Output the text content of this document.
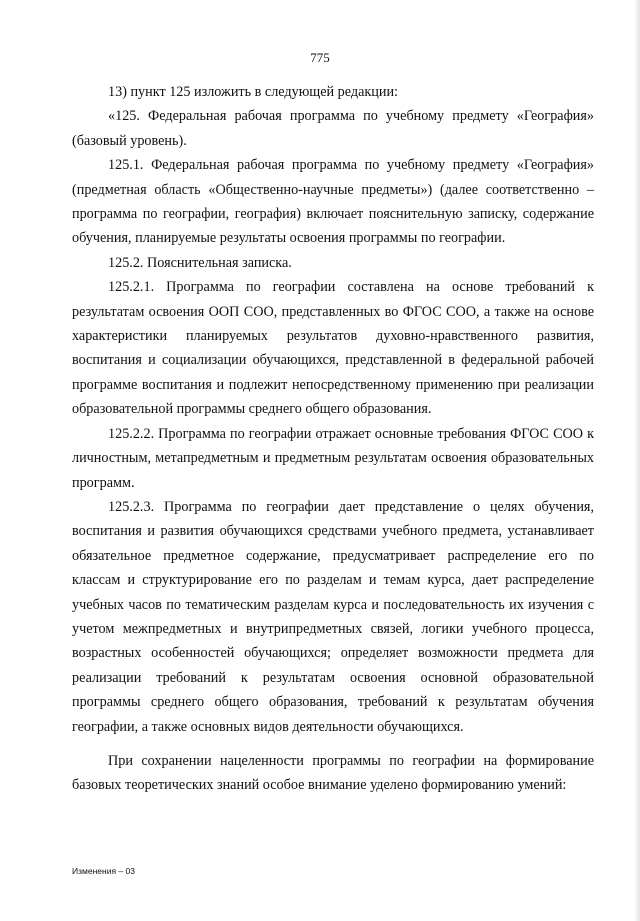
775

13) пункт 125 изложить в следующей редакции:

«125. Федеральная рабочая программа по учебному предмету «География» (базовый уровень).

125.1. Федеральная рабочая программа по учебному предмету «География» (предметная область «Общественно-научные предметы») (далее соответственно – программа по географии, география) включает пояснительную записку, содержание обучения, планируемые результаты освоения программы по географии.

125.2. Пояснительная записка.

125.2.1. Программа по географии составлена на основе требований к результатам освоения ООП СОО, представленных во ФГОС СОО, а также на основе характеристики планируемых результатов духовно-нравственного развития, воспитания и социализации обучающихся, представленной в федеральной рабочей программе воспитания и подлежит непосредственному применению при реализации образовательной программы среднего общего образования.

125.2.2. Программа по географии отражает основные требования ФГОС СОО к личностным, метапредметным и предметным результатам освоения образовательных программ.

125.2.3. Программа по географии дает представление о целях обучения, воспитания и развития обучающихся средствами учебного предмета, устанавливает обязательное предметное содержание, предусматривает распределение его по классам и структурирование его по разделам и темам курса, дает распределение учебных часов по тематическим разделам курса и последовательность их изучения с учетом межпредметных и внутрипредметных связей, логики учебного процесса, возрастных особенностей обучающихся; определяет возможности предмета для реализации требований к результатам освоения основной образовательной программы среднего общего образования, требований к результатам обучения географии, а также основных видов деятельности обучающихся.

При сохранении нацеленности программы по географии на формирование базовых теоретических знаний особое внимание уделено формированию умений:

Изменения – 03
